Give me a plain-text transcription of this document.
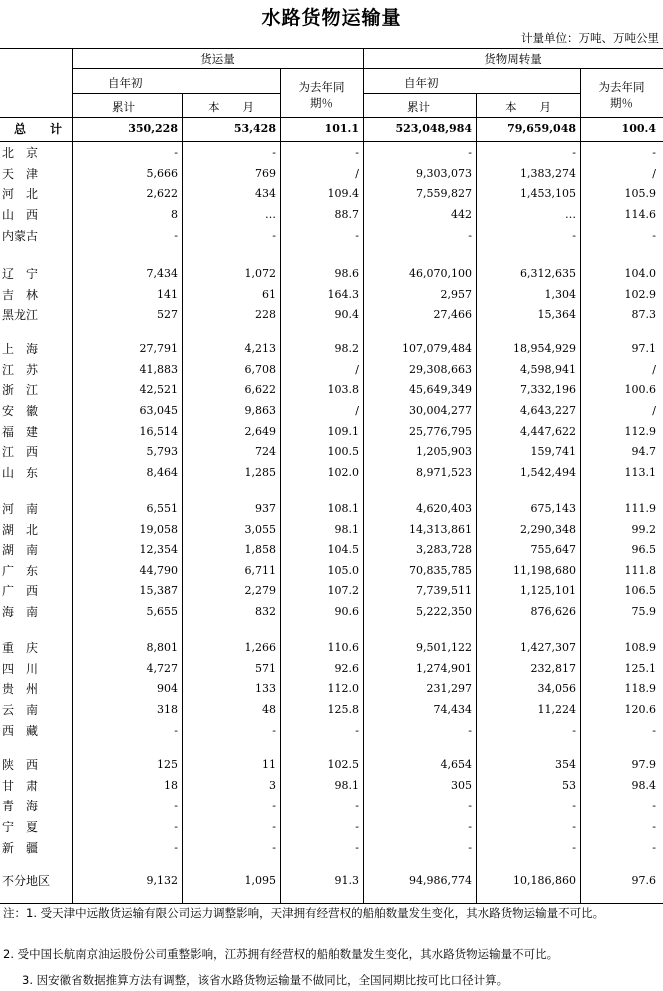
水路货物运输量
计量单位：万吨、万吨公里
货运量	货物周转量
自年初	自年初
累计	本　　月	累计	本　　月
为去年同
期％
为去年同
期％
总　　计	350,228	53,428	101.1	523,048,984	79,659,048	100.4
北　京	-	-	-	-	-	-
天　津	5,666	769	/	9,303,073	1,383,274	/
河　北	2,622	434	109.4	7,559,827	1,453,105	105.9
山　西	8	…	88.7	442	…	114.6
内蒙古	-	-	-	-	-	-
辽　宁	7,434	1,072	98.6	46,070,100	6,312,635	104.0
吉　林	141	61	164.3	2,957	1,304	102.9
黑龙江	527	228	90.4	27,466	15,364	87.3
上　海	27,791	4,213	98.2	107,079,484	18,954,929	97.1
江　苏	41,883	6,708	/	29,308,663	4,598,941	/
浙　江	42,521	6,622	103.8	45,649,349	7,332,196	100.6
安　徽	63,045	9,863	/	30,004,277	4,643,227	/
福　建	16,514	2,649	109.1	25,776,795	4,447,622	112.9
江　西	5,793	724	100.5	1,205,903	159,741	94.7
山　东	8,464	1,285	102.0	8,971,523	1,542,494	113.1
河　南	6,551	937	108.1	4,620,403	675,143	111.9
湖　北	19,058	3,055	98.1	14,313,861	2,290,348	99.2
湖　南	12,354	1,858	104.5	3,283,728	755,647	96.5
广　东	44,790	6,711	105.0	70,835,785	11,198,680	111.8
广　西	15,387	2,279	107.2	7,739,511	1,125,101	106.5
海　南	5,655	832	90.6	5,222,350	876,626	75.9
重　庆	8,801	1,266	110.6	9,501,122	1,427,307	108.9
四　川	4,727	571	92.6	1,274,901	232,817	125.1
贵　州	904	133	112.0	231,297	34,056	118.9
云　南	318	48	125.8	74,434	11,224	120.6
西　藏	-	-	-	-	-	-
陕　西	125	11	102.5	4,654	354	97.9
甘　肃	18	3	98.1	305	53	98.4
青　海	-	-	-	-	-	-
宁　夏	-	-	-	-	-	-
新　疆	-	-	-	-	-	-
不分地区	9,132	1,095	91.3	94,986,774	10,186,860	97.6
注：1. 受天津中远散货运输有限公司运力调整影响，天津拥有经营权的船舶数量发生变化，其水路货物运输量不可比。
2. 受中国长航南京油运股份公司重整影响，江苏拥有经营权的船舶数量发生变化，其水路货物运输量不可比。
3. 因安徽省数据推算方法有调整，该省水路货物运输量不做同比，全国同期比按可比口径计算。
